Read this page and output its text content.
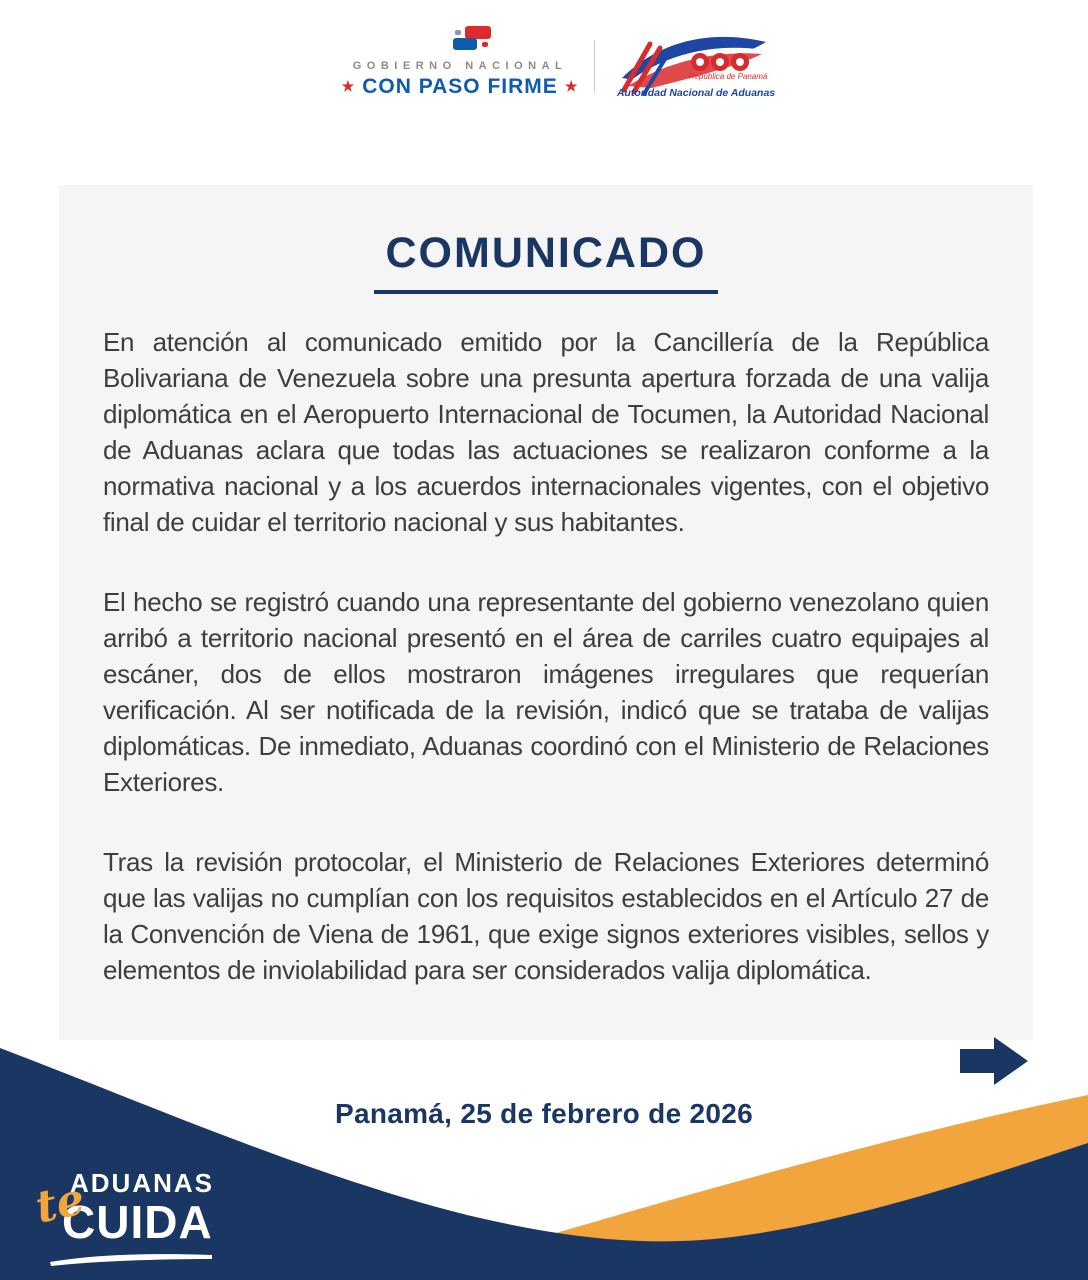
GOBIERNO NACIONAL
★ CON PASO FIRME ★
República de Panamá
Autoridad Nacional de Aduanas
COMUNICADO

En atención al comunicado emitido por la Cancillería de la República Bolivariana de Venezuela sobre una presunta apertura forzada de una valija diplomática en el Aeropuerto Internacional de Tocumen, la Autoridad Nacional de Aduanas aclara que todas las actuaciones se realizaron conforme a la normativa nacional y a los acuerdos internacionales vigentes, con el objetivo final de cuidar el territorio nacional y sus habitantes.

El hecho se registró cuando una representante del gobierno venezolano quien arribó a territorio nacional presentó en el área de carriles cuatro equipajes al escáner, dos de ellos mostraron imágenes irregulares que requerían verificación. Al ser notificada de la revisión, indicó que se trataba de valijas diplomáticas. De inmediato, Aduanas coordinó con el Ministerio de Relaciones Exteriores.

Tras la revisión protocolar, el Ministerio de Relaciones Exteriores determinó que las valijas no cumplían con los requisitos establecidos en el Artículo 27 de la Convención de Viena de 1961, que exige signos exteriores visibles, sellos y elementos de inviolabilidad para ser considerados valija diplomática.

Panamá, 25 de febrero de 2026
ADUANAS
te
CUIDA
